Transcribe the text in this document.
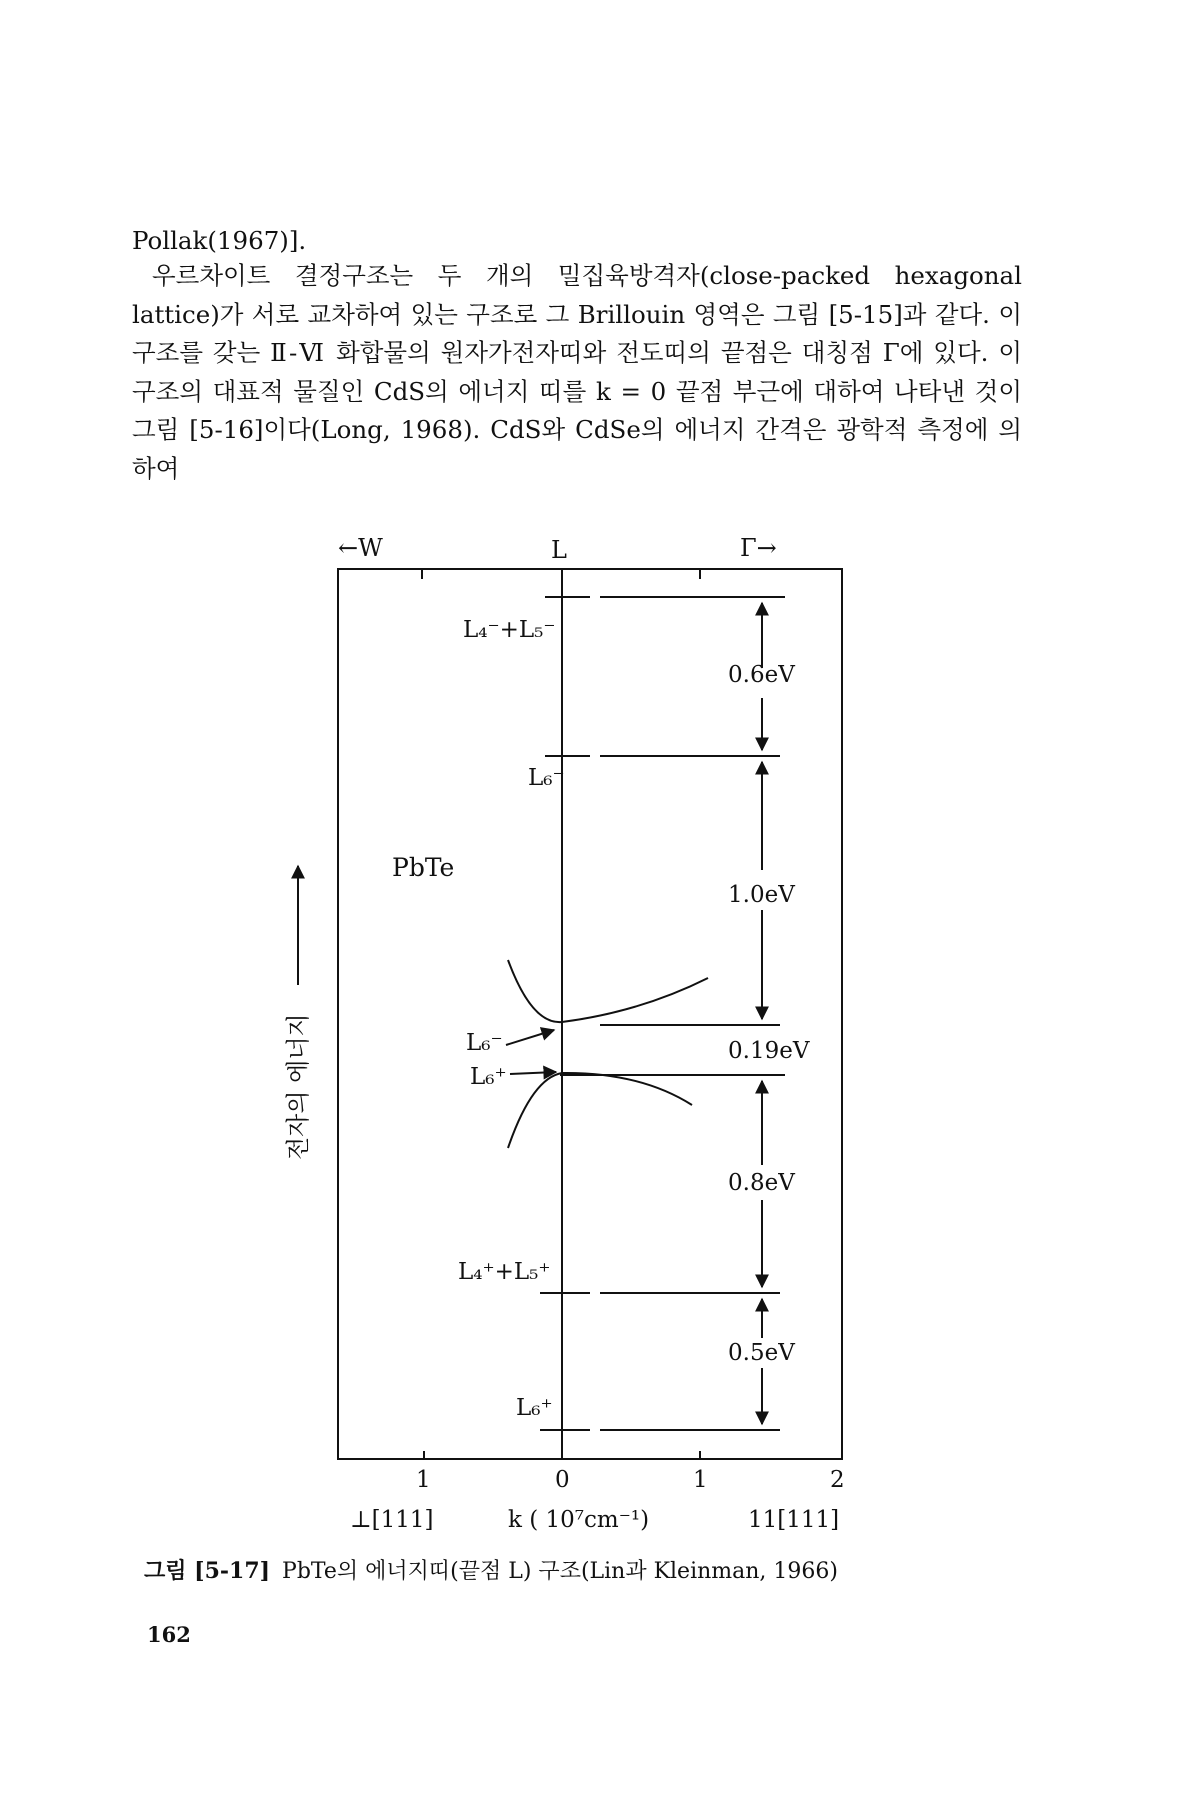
Pollak(1967)].

우르차이트 결정구조는 두 개의 밀집육방격자(close-packed hexagonal lattice)가 서로 교차하여 있는 구조로 그 Brillouin 영역은 그림 [5-15]과 같다. 이 구조를 갖는 Ⅱ-Ⅵ 화합물의 원자가전자띠와 전도띠의 끝점은 대칭점 Γ에 있다. 이 구조의 대표적 물질인 CdS의 에너지 띠를 k = 0 끝점 부근에 대하여 나타낸 것이 그림 [5-16]이다(Long, 1968). CdS와 CdSe의 에너지 간격은 광학적 측정에 의하여

←W	L	Γ→
0.6eV
1.0eV
0.19eV
0.8eV
0.5eV
L₄⁻+L₅⁻
L₆⁻
PbTe
L₆⁻
L₆⁺
L₄⁺+L₅⁺
L₆⁺
전자의 에너지
1	0	1	2
⊥[111]	k ( 10⁷cm⁻¹)	11[111]
그림 [5-17] PbTe의 에너지띠(끝점 L) 구조(Lin과 Kleinman, 1966)
162
